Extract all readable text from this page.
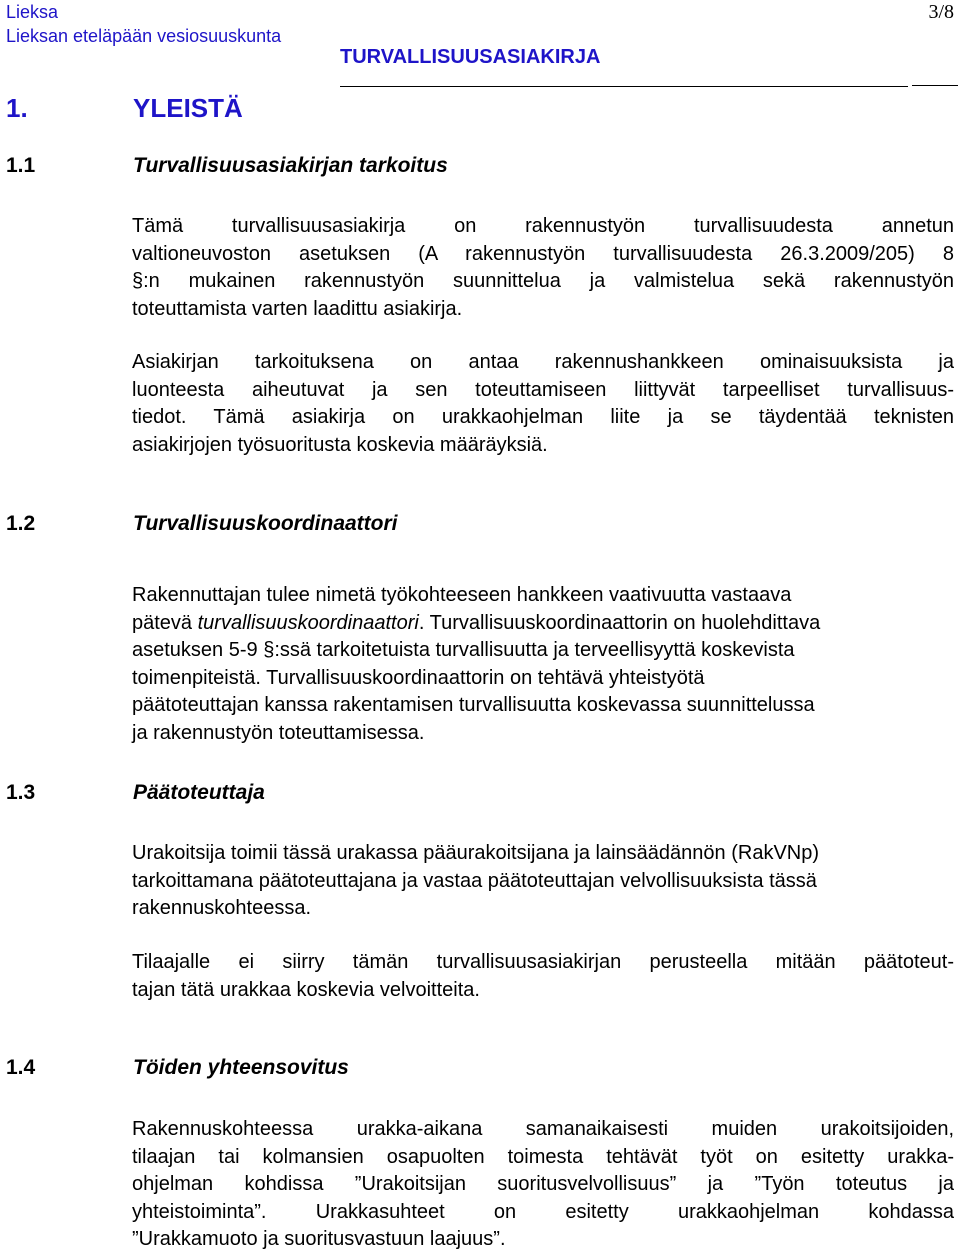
Lieksa

Lieksan eteläpään vesiosuuskunta

TURVALLISUUSASIAKIRJA
3/8
1.	YLEISTÄ
1.1	Turvallisuusasiakirjan tarkoitus
Tämä turvallisuusasiakirja on rakennustyön turvallisuudesta annetun
valtioneuvoston asetuksen (A rakennustyön turvallisuudesta 26.3.2009/205) 8
§:n mukainen rakennustyön suunnittelua ja valmistelua sekä rakennustyön
toteuttamista varten laadittu asiakirja.
Asiakirjan tarkoituksena on antaa rakennushankkeen ominaisuuksista ja
luonteesta aiheutuvat ja sen toteuttamiseen liittyvät tarpeelliset turvallisuus-
tiedot. Tämä asiakirja on urakkaohjelman liite ja se täydentää teknisten
asiakirjojen työsuoritusta koskevia määräyksiä.
1.2	Turvallisuuskoordinaattori
Rakennuttajan tulee nimetä työkohteeseen hankkeen vaativuutta vastaava
pätevä turvallisuuskoordinaattori. Turvallisuuskoordinaattorin on huolehdittava
asetuksen 5-9 §:ssä tarkoitetuista turvallisuutta ja terveellisyyttä koskevista
toimenpiteistä. Turvallisuuskoordinaattorin on tehtävä yhteistyötä
päätoteuttajan kanssa rakentamisen turvallisuutta koskevassa suunnittelussa
ja rakennustyön toteuttamisessa.
1.3	Päätoteuttaja
Urakoitsija toimii tässä urakassa pääurakoitsijana ja lainsäädännön (RakVNp)
tarkoittamana päätoteuttajana ja vastaa päätoteuttajan velvollisuuksista tässä
rakennuskohteessa.
Tilaajalle ei siirry tämän turvallisuusasiakirjan perusteella mitään päätoteut-
tajan tätä urakkaa koskevia velvoitteita.
1.4	Töiden yhteensovitus
Rakennuskohteessa urakka-aikana samanaikaisesti muiden urakoitsijoiden,
tilaajan tai kolmansien osapuolten toimesta tehtävät työt on esitetty urakka-
ohjelman kohdissa ”Urakoitsijan suoritusvelvollisuus” ja ”Työn toteutus ja
yhteistoiminta”. Urakkasuhteet on esitetty urakkaohjelman kohdassa
”Urakkamuoto ja suoritusvastuun laajuus”.
